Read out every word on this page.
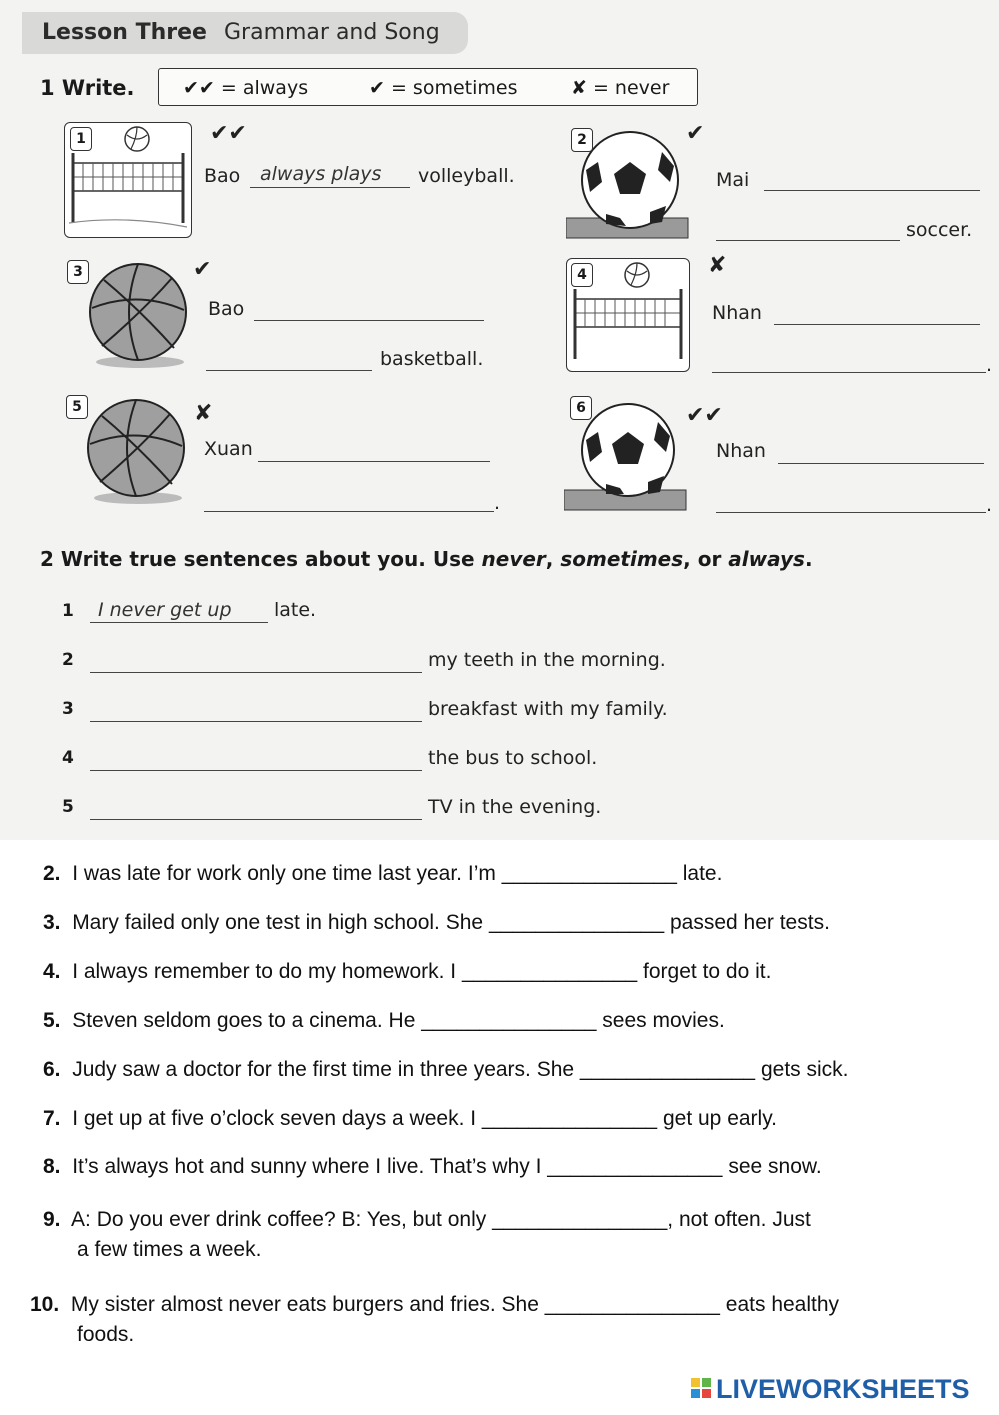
Lesson Three Grammar and Song
1 Write.	✔✔ = always	✔ = sometimes	✘ = never
1	✔✔
Bao always plays volleyball.
2	✔
Mai
soccer.
3	✔
Bao
basketball.
4	✘
Nhan
.
5	✘
Xuan
.
6	✔✔
Nhan
.
2 Write true sentences about you. Use never, sometimes, or always.
1 I never get up late.
2	my teeth in the morning.
3	breakfast with my family.
4	the bus to school.
5	TV in the evening.
2. I was late for work only one time last year. I’m _______________ late.
3. Mary failed only one test in high school. She _______________ passed her tests.
4. I always remember to do my homework. I _______________ forget to do it.
5. Steven seldom goes to a cinema. He _______________ sees movies.
6. Judy saw a doctor for the first time in three years. She _______________ gets sick.
7. I get up at five o’clock seven days a week. I _______________ get up early.
8. It’s always hot and sunny where I live. That’s why I _______________ see snow.
9. A: Do you ever drink coffee? B: Yes, but only _______________, not often. Just
a few times a week.
10. My sister almost never eats burgers and fries. She _______________ eats healthy
foods.
LIVEWORKSHEETS
